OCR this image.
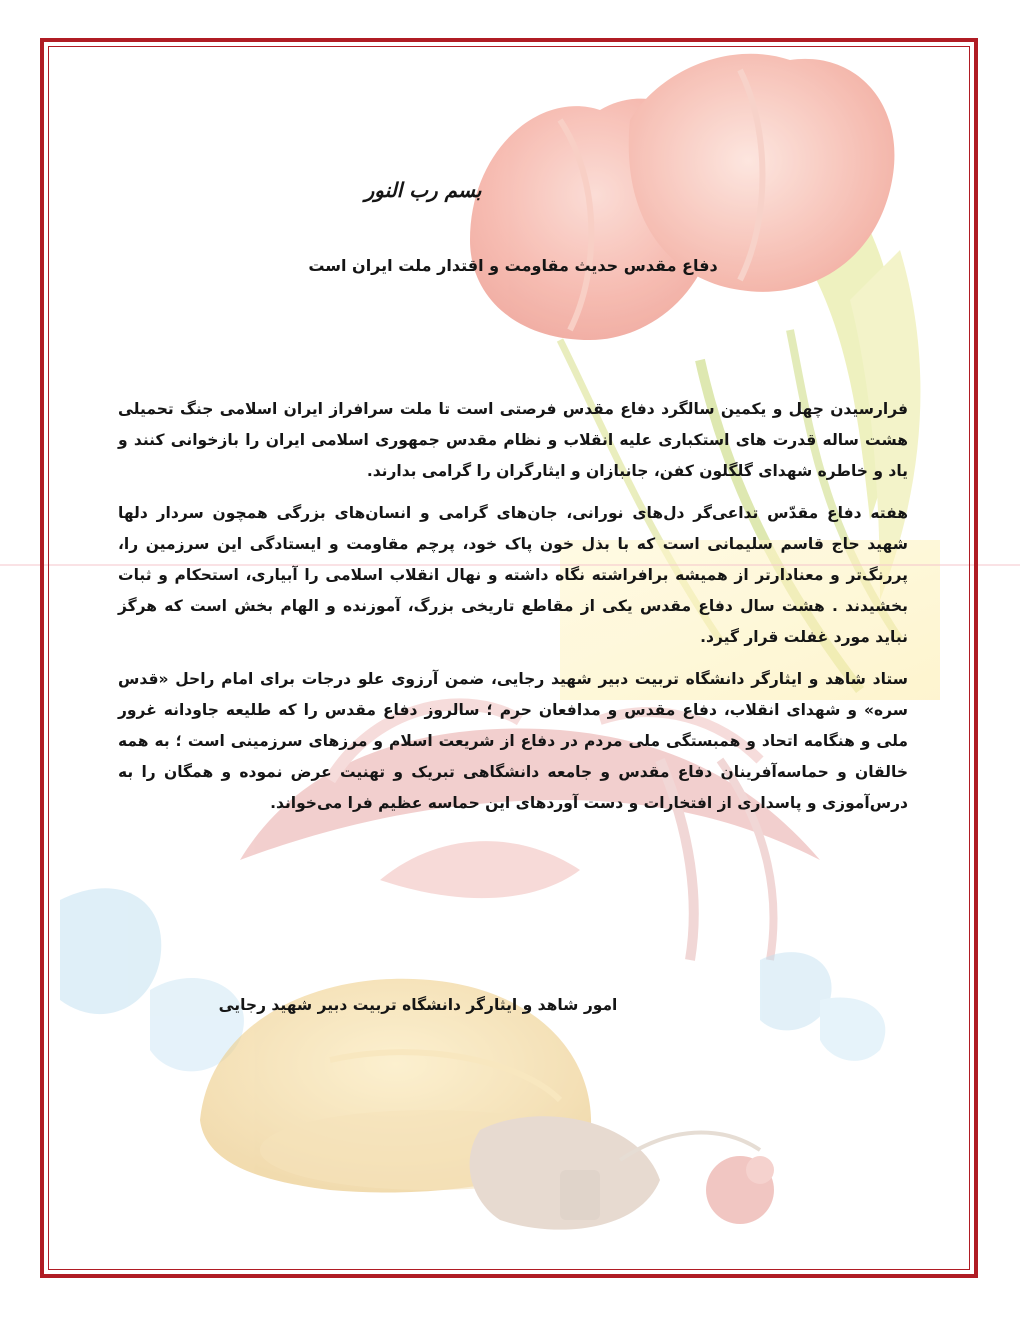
بسم رب النور
دفاع مقدس حدیث مقاومت و اقتدار ملت ایران است

فرارسیدن چهل و یکمین سالگرد دفاع مقدس فرصتی است تا ملت سرافراز ایران اسلامی جنگ تحمیلی هشت ساله قدرت های استکباری علیه انقلاب و نظام مقدس جمهوری اسلامی ایران را بازخوانی کنند و یاد و خاطره شهدای گلگلون کفن، جانبازان و ایثارگران را گرامی بدارند.

هفته دفاع مقدّس تداعی‌گر دل‌های نورانی، جان‌های گرامی و انسان‌های بزرگی همچون سردار دلها شهید حاج قاسم سلیمانی است که با بذل خون پاک خود، پرچم مقاومت و ایستادگی این سرزمین را، پررنگ‌تر و معنادارتر از همیشه برافراشته نگاه داشته و نهال انقلاب اسلامی را آبیاری، استحکام و ثبات بخشیدند . هشت سال دفاع مقدس یکی از مقاطع تاریخی بزرگ، آموزنده و الهام بخش است که هرگز نباید مورد غفلت قرار گیرد.

ستاد شاهد و ایثارگر دانشگاه تربیت دبیر شهید رجایی، ضمن آرزوی علو درجات برای امام راحل «قدس سره» و شهدای انقلاب، دفاع مقدس و مدافعان حرم ؛ سالروز دفاع مقدس را که طلیعه جاودانه غرور ملی و هنگامه اتحاد و همبستگی ملی مردم در دفاع از شریعت اسلام و مرزهای سرزمینی است ؛ به همه خالقان و حماسه‌آفرینان دفاع مقدس و جامعه دانشگاهی تبریک و تهنیت عرض نموده و همگان را به درس‌آموزی و پاسداری از افتخارات و دست آوردهای این حماسه عظیم فرا می‌خواند.

امور شاهد و ایثارگر دانشگاه تربیت دبیر شهید رجایی
